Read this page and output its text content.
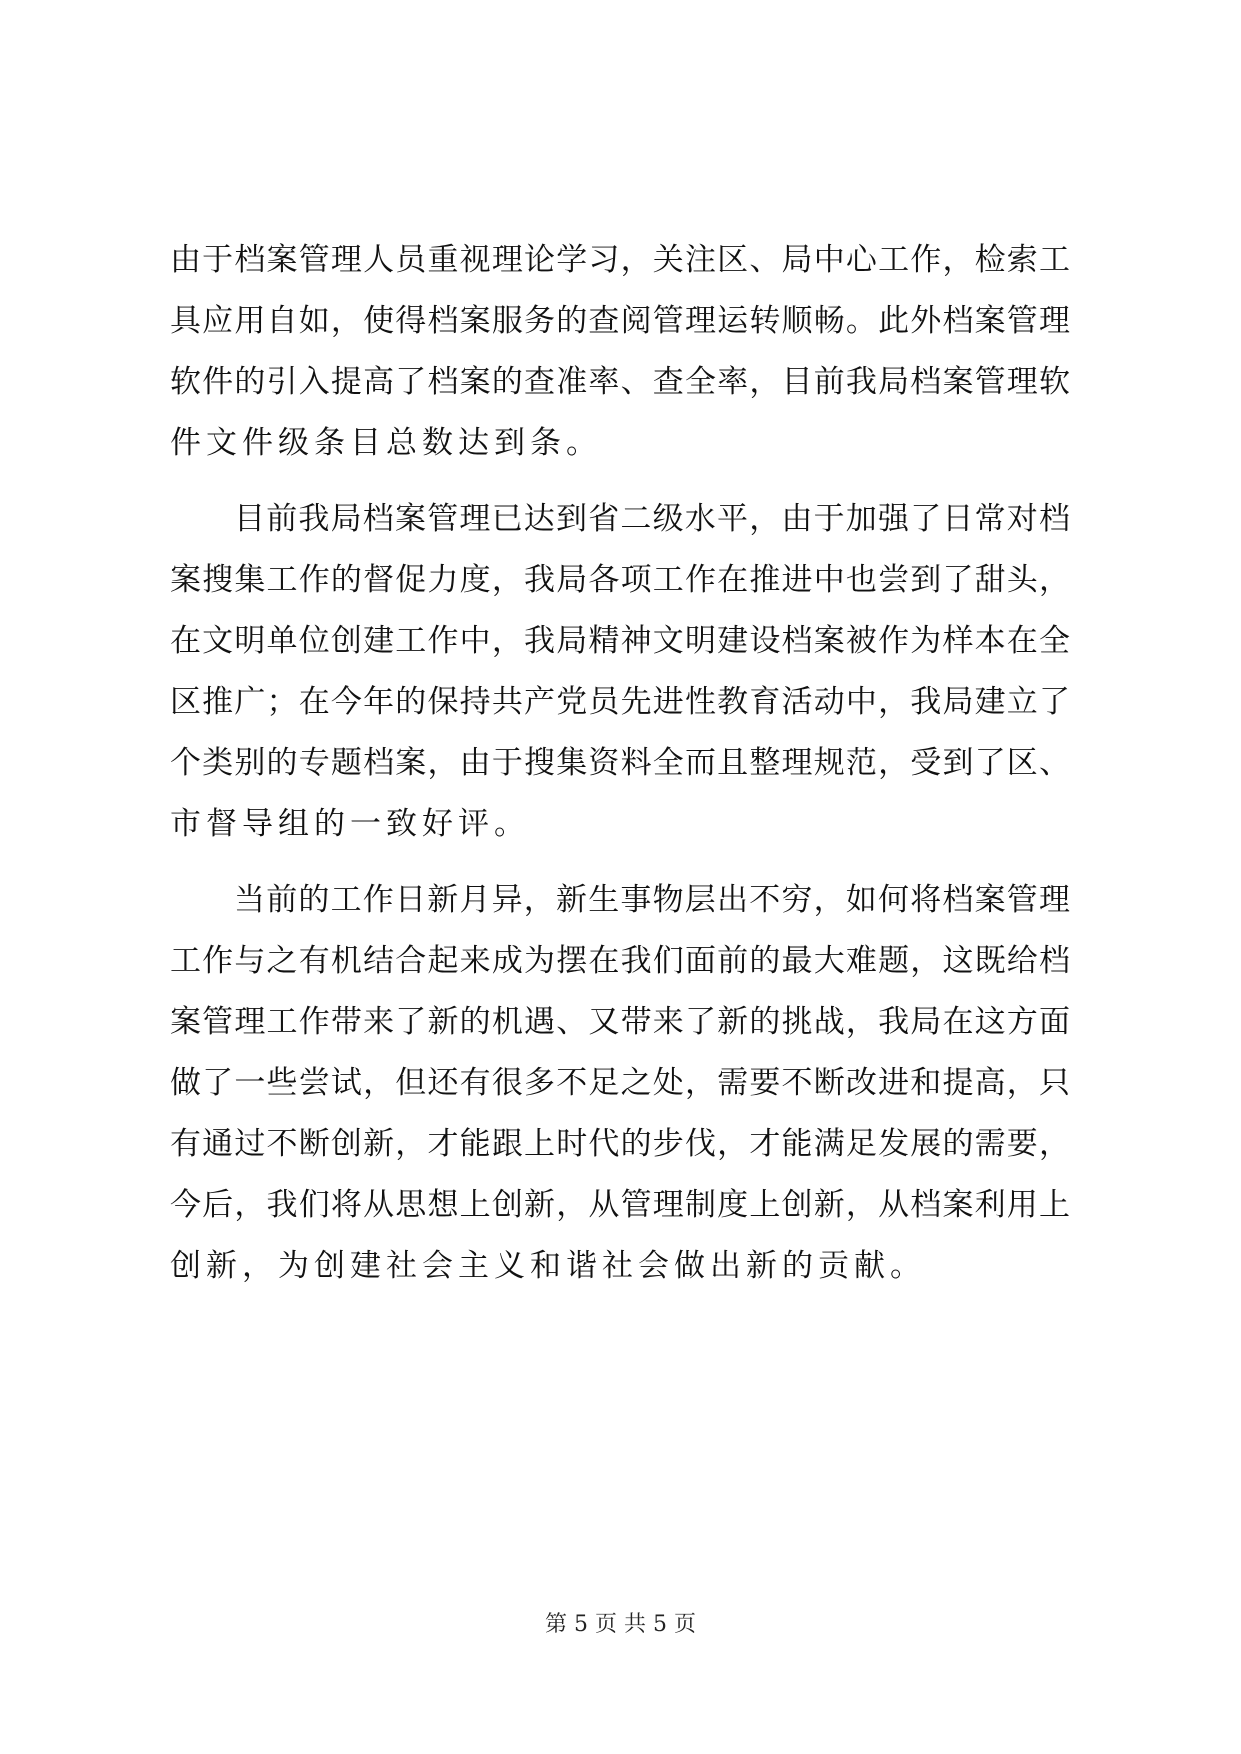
由于档案管理人员重视理论学习，关注区、局中心工作，检索工
具应用自如，使得档案服务的查阅管理运转顺畅。此外档案管理
软件的引入提高了档案的查准率、查全率，目前我局档案管理软
件文件级条目总数达到条。
目前我局档案管理已达到省二级水平，由于加强了日常对档
案搜集工作的督促力度，我局各项工作在推进中也尝到了甜头，
在文明单位创建工作中，我局精神文明建设档案被作为样本在全
区推广；在今年的保持共产党员先进性教育活动中，我局建立了
个类别的专题档案，由于搜集资料全而且整理规范，受到了区、
市督导组的一致好评。
当前的工作日新月异，新生事物层出不穷，如何将档案管理
工作与之有机结合起来成为摆在我们面前的最大难题，这既给档
案管理工作带来了新的机遇、又带来了新的挑战，我局在这方面
做了一些尝试，但还有很多不足之处，需要不断改进和提高，只
有通过不断创新，才能跟上时代的步伐，才能满足发展的需要，
今后，我们将从思想上创新，从管理制度上创新，从档案利用上
创新，为创建社会主义和谐社会做出新的贡献。
第 5 页 共 5 页
